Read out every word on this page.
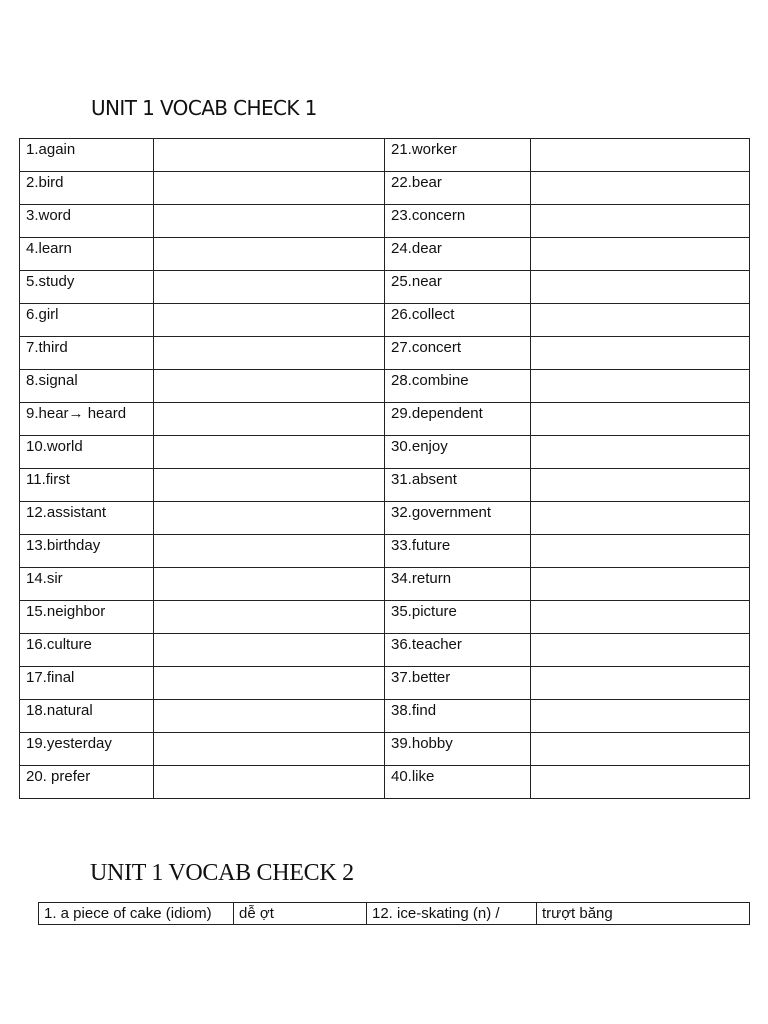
UNIT 1 VOCAB CHECK 1
1.again		21.worker	
2.bird		22.bear	
3.word		23.concern	
4.learn		24.dear	
5.study		25.near	
6.girl		26.collect	
7.third		27.concert	
8.signal		28.combine	
9.hear→ heard		29.dependent	
10.world		30.enjoy	
11.first		31.absent	
12.assistant		32.government	
13.birthday		33.future	
14.sir		34.return	
15.neighbor		35.picture	
16.culture		36.teacher	
17.final		37.better	
18.natural		38.find	
19.yesterday		39.hobby	
20. prefer		40.like	
UNIT 1 VOCAB CHECK 2
1. a piece of cake (idiom)	dễ ợt	12. ice-skating (n) /	trượt băng
